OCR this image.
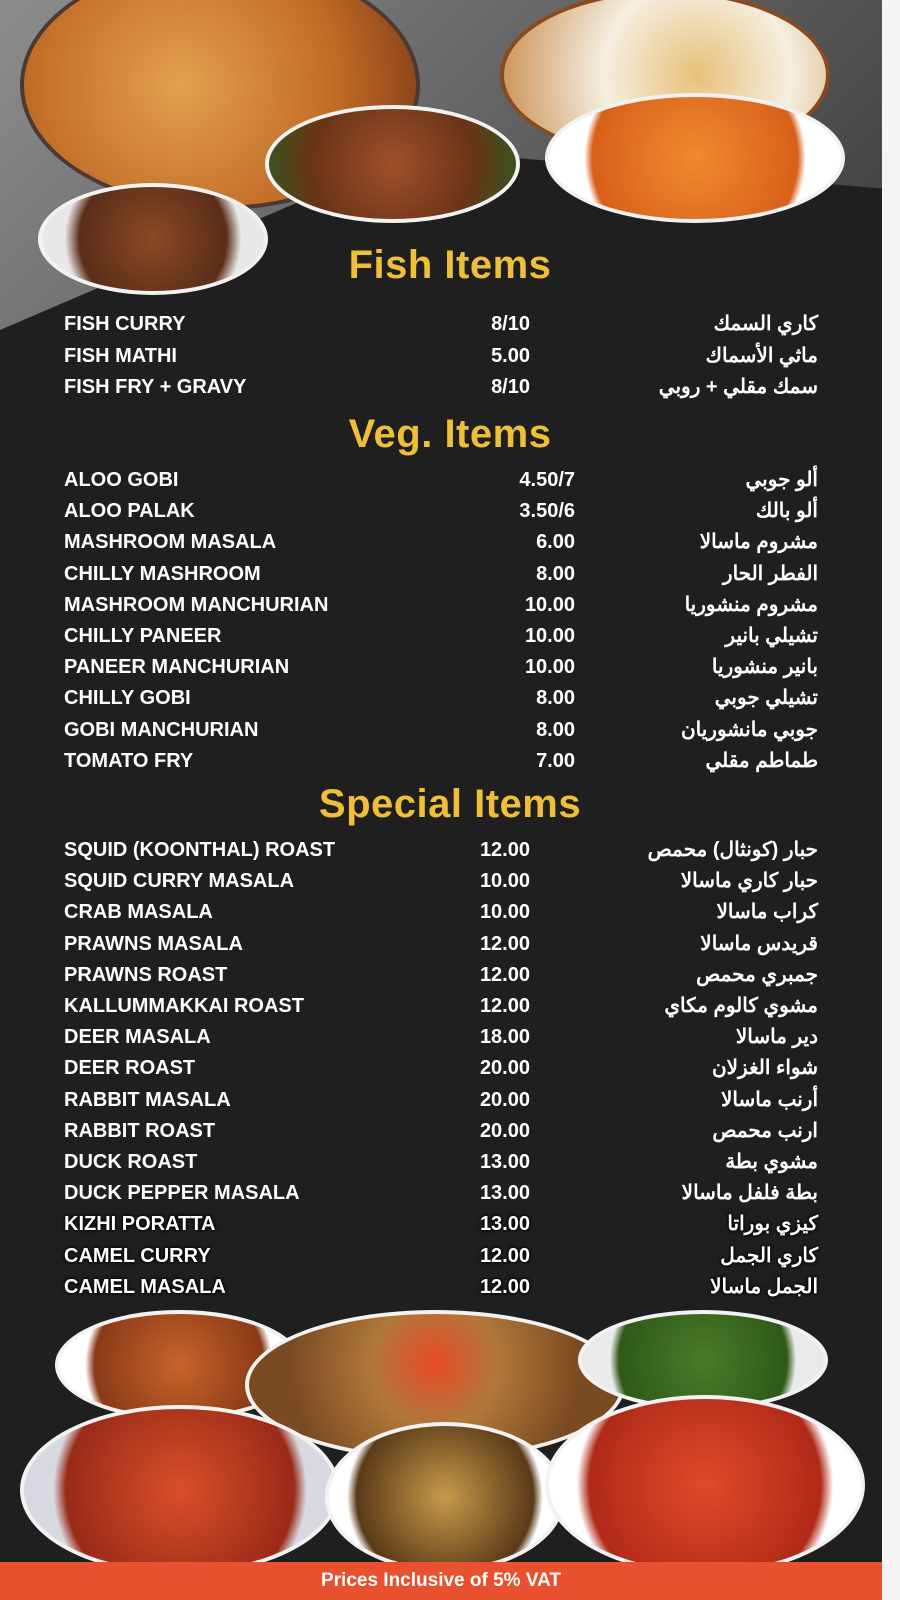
Fish Items
FISH CURRY	8/10	كاري السمك
FISH MATHI	5.00	ماثي الأسماك
FISH FRY + GRAVY	8/10	سمك مقلي + روبي
Veg. Items
ALOO GOBI	4.50/7	ألو جوبي
ALOO PALAK	3.50/6	ألو بالك
MASHROOM MASALA	6.00	مشروم ماسالا
CHILLY MASHROOM	8.00	الفطر الحار
MASHROOM MANCHURIAN	10.00	مشروم منشوريا
CHILLY PANEER	10.00	تشيلي بانير
PANEER MANCHURIAN	10.00	بانير منشوريا
CHILLY GOBI	8.00	تشيلي جوبي
GOBI MANCHURIAN	8.00	جوبي مانشوريان
TOMATO FRY	7.00	طماطم مقلي
Special Items
SQUID (KOONTHAL) ROAST	12.00	حبار (كونثال) محمص
SQUID CURRY MASALA	10.00	حبار كاري ماسالا
CRAB MASALA	10.00	كراب ماسالا
PRAWNS MASALA	12.00	قريدس ماسالا
PRAWNS ROAST	12.00	جمبري محمص
KALLUMMAKKAI ROAST	12.00	مشوي كالوم مكاي
DEER MASALA	18.00	دير ماسالا
DEER ROAST	20.00	شواء الغزلان
RABBIT MASALA	20.00	أرنب ماسالا
RABBIT ROAST	20.00	ارنب محمص
DUCK ROAST	13.00	مشوي بطة
DUCK PEPPER MASALA	13.00	بطة فلفل ماسالا
KIZHI PORATTA	13.00	كيزي بوراتا
CAMEL CURRY	12.00	كاري الجمل
CAMEL MASALA	12.00	الجمل ماسالا
Prices Inclusive of 5% VAT
